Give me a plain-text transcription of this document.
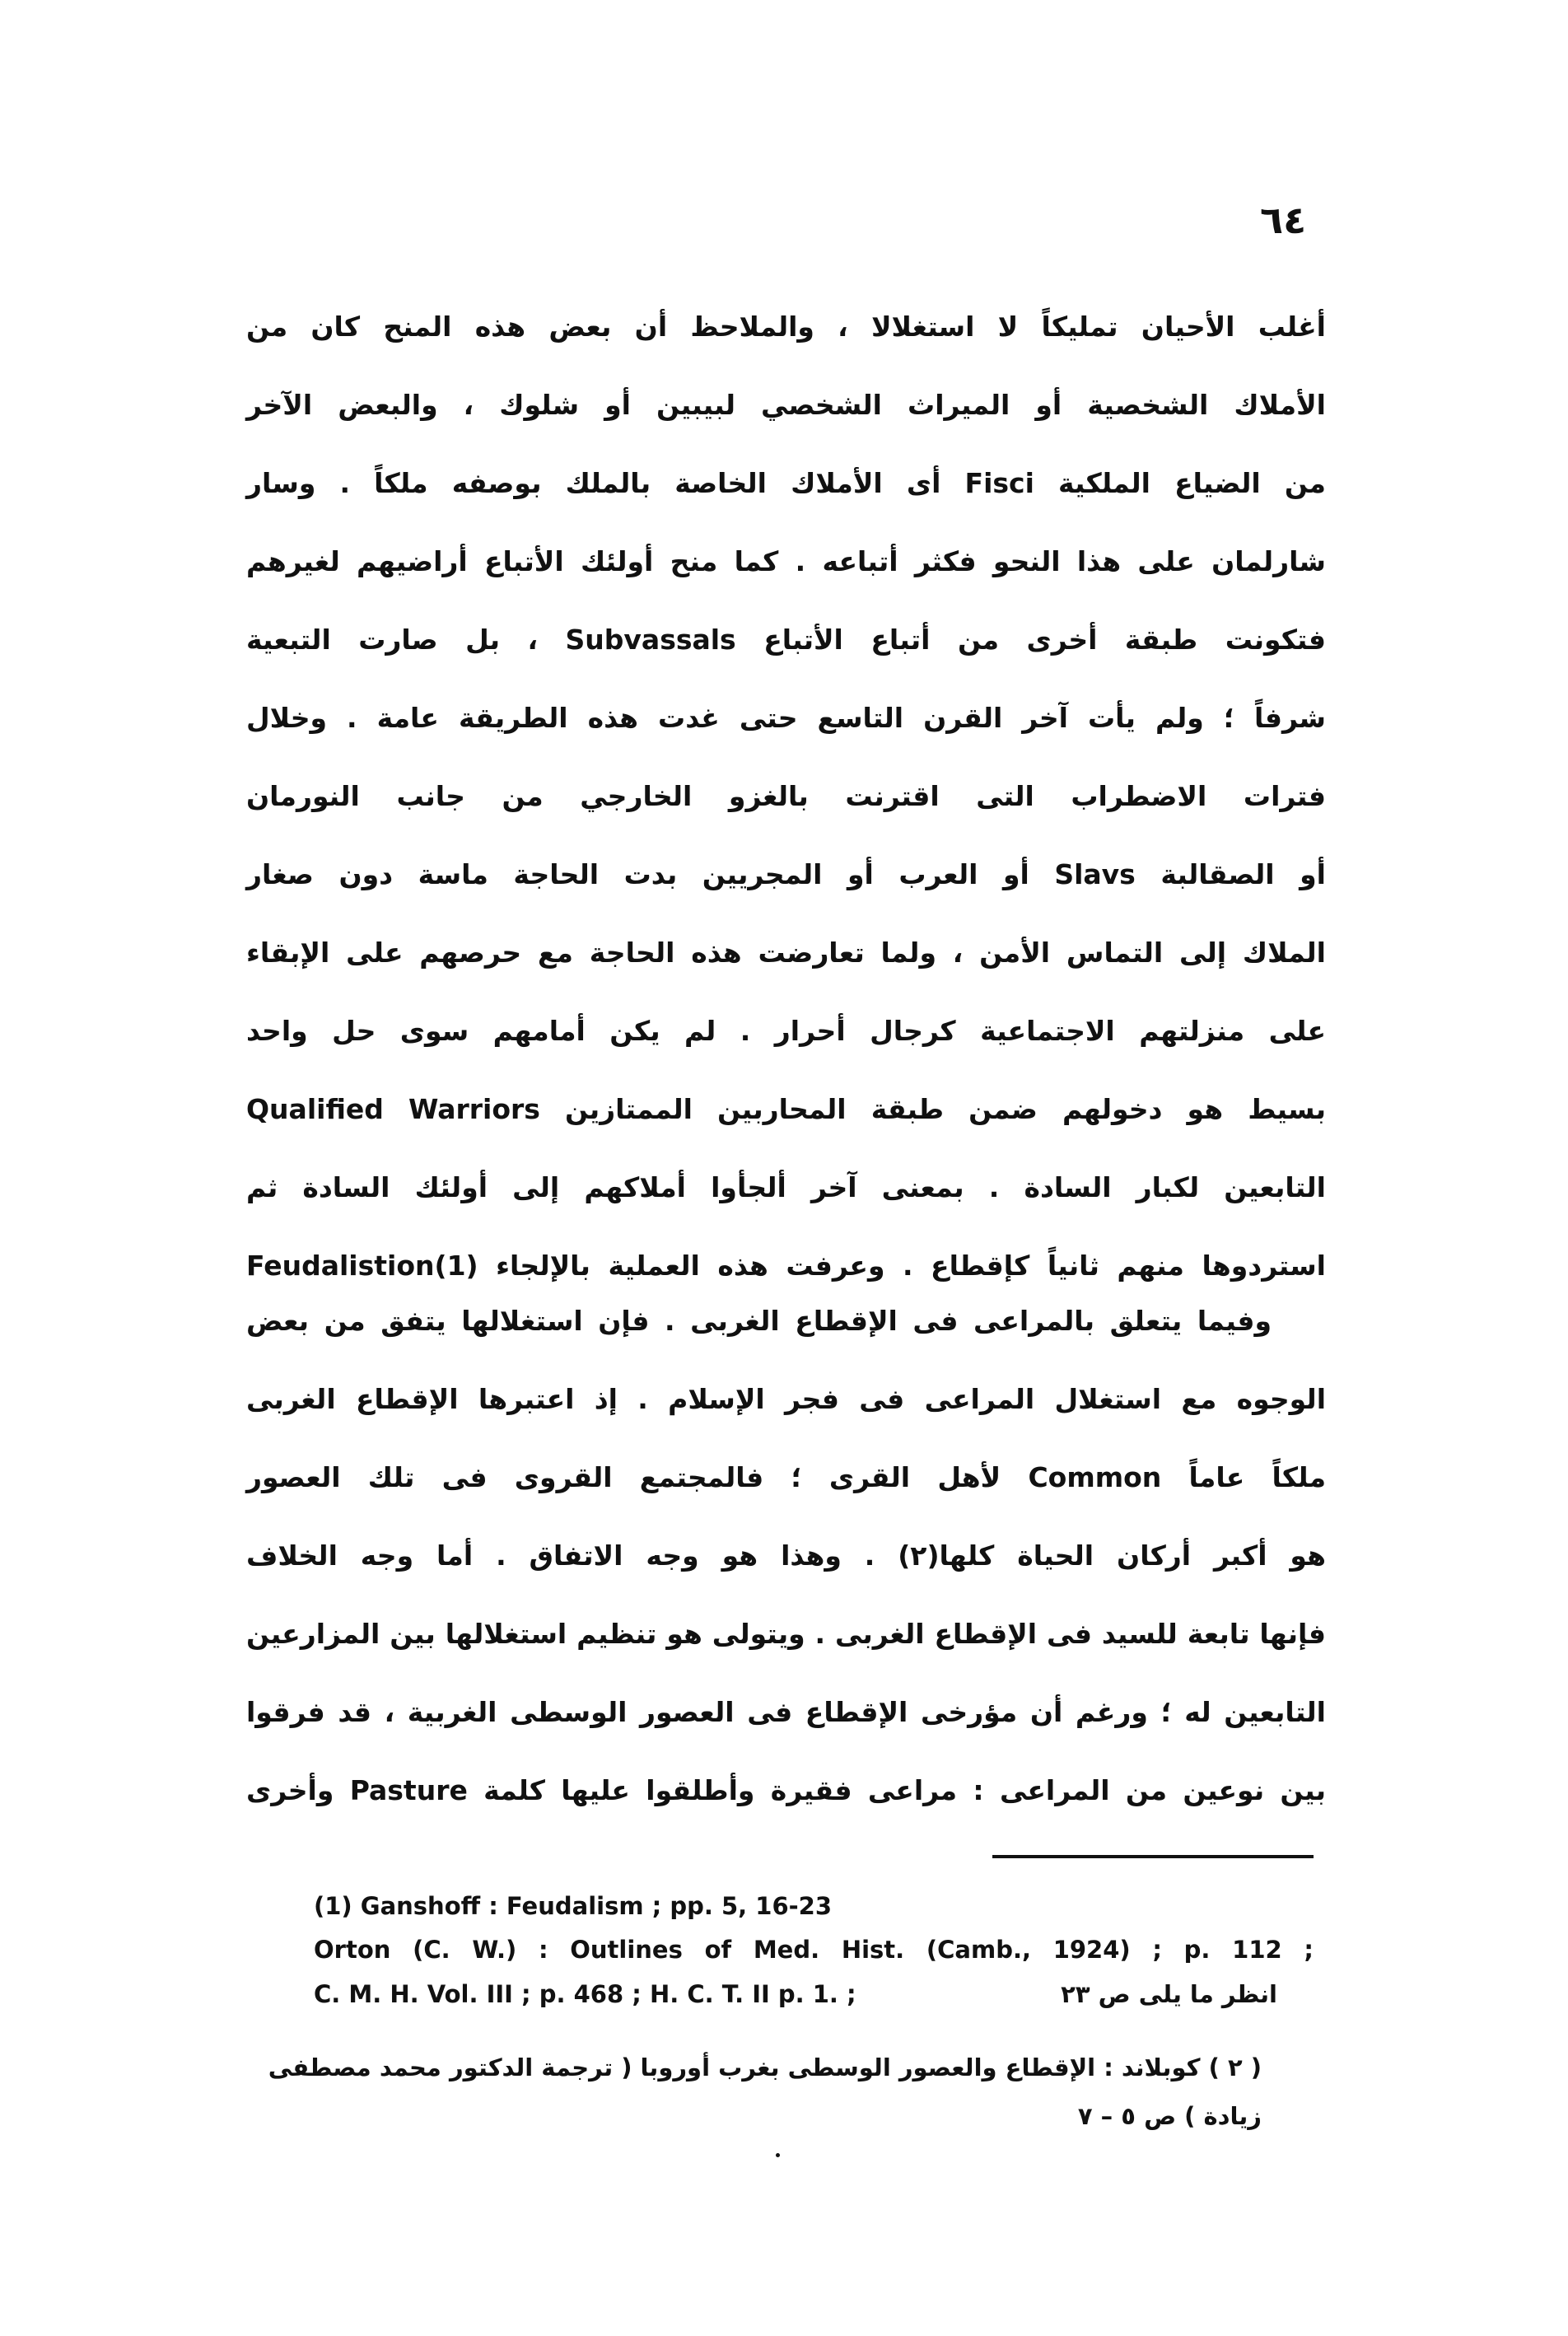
٦٤
أغلب الأحيان تمليكاً لا استغلالا ، والملاحظ أن بعض هذه المنح كان من
الأملاك الشخصية أو الميراث الشخصي لبيبين أو شلوك ، والبعض الآخر
من الضياع الملكية Fisci أى الأملاك الخاصة بالملك بوصفه ملكاً . وسار
شارلمان على هذا النحو فكثر أتباعه . كما منح أولئك الأتباع أراضيهم لغيرهم
فتكونت طبقة أخرى من أتباع الأتباع Subvassals ، بل صارت التبعية
شرفاً ؛ ولم يأت آخر القرن التاسع حتى غدت هذه الطريقة عامة . وخلال
فترات الاضطراب التى اقترنت بالغزو الخارجي من جانب النورمان
أو الصقالبة Slavs أو العرب أو المجريين بدت الحاجة ماسة دون صغار
الملاك إلى التماس الأمن ، ولما تعارضت هذه الحاجة مع حرصهم على الإبقاء
على منزلتهم الاجتماعية كرجال أحرار . لم يكن أمامهم سوى حل واحد
بسيط هو دخولهم ضمن طبقة المحاربين الممتازين Qualified Warriors
التابعين لكبار السادة . بمعنى آخر ألجأوا أملاكهم إلى أولئك السادة ثم
استردوها منهم ثانياً كإقطاع . وعرفت هذه العملية بالإلجاء Feudalistion(1)
وفيما يتعلق بالمراعى فى الإقطاع الغربى . فإن استغلالها يتفق من بعض
الوجوه مع استغلال المراعى فى فجر الإسلام . إذ اعتبرها الإقطاع الغربى
ملكاً عاماً Common لأهل القرى ؛ فالمجتمع القروى فى تلك العصور
هو أكبر أركان الحياة كلها(٢) . وهذا هو وجه الاتفاق . أما وجه الخلاف
فإنها تابعة للسيد فى الإقطاع الغربى . ويتولى هو تنظيم استغلالها بين المزارعين
التابعين له ؛ ورغم أن مؤرخى الإقطاع فى العصور الوسطى الغربية ، قد فرقوا
بين نوعين من المراعى : مراعى فقيرة وأطلقوا عليها كلمة Pasture وأخرى
(1) Ganshoff : Feudalism ; pp. 5, 16-23
Orton (C. W.) : Outlines of Med. Hist. (Camb., 1924) ; p. 112 ;
C. M. H. Vol. III ; p. 468 ; H. C. T. II p. 1. ;	انظر ما يلى ص ٢٣
( ٢ ) كوبلاند : الإقطاع والعصور الوسطى بغرب أوروبا ( ترجمة الدكتور محمد مصطفى
زيادة ) ص ٥ – ٧
